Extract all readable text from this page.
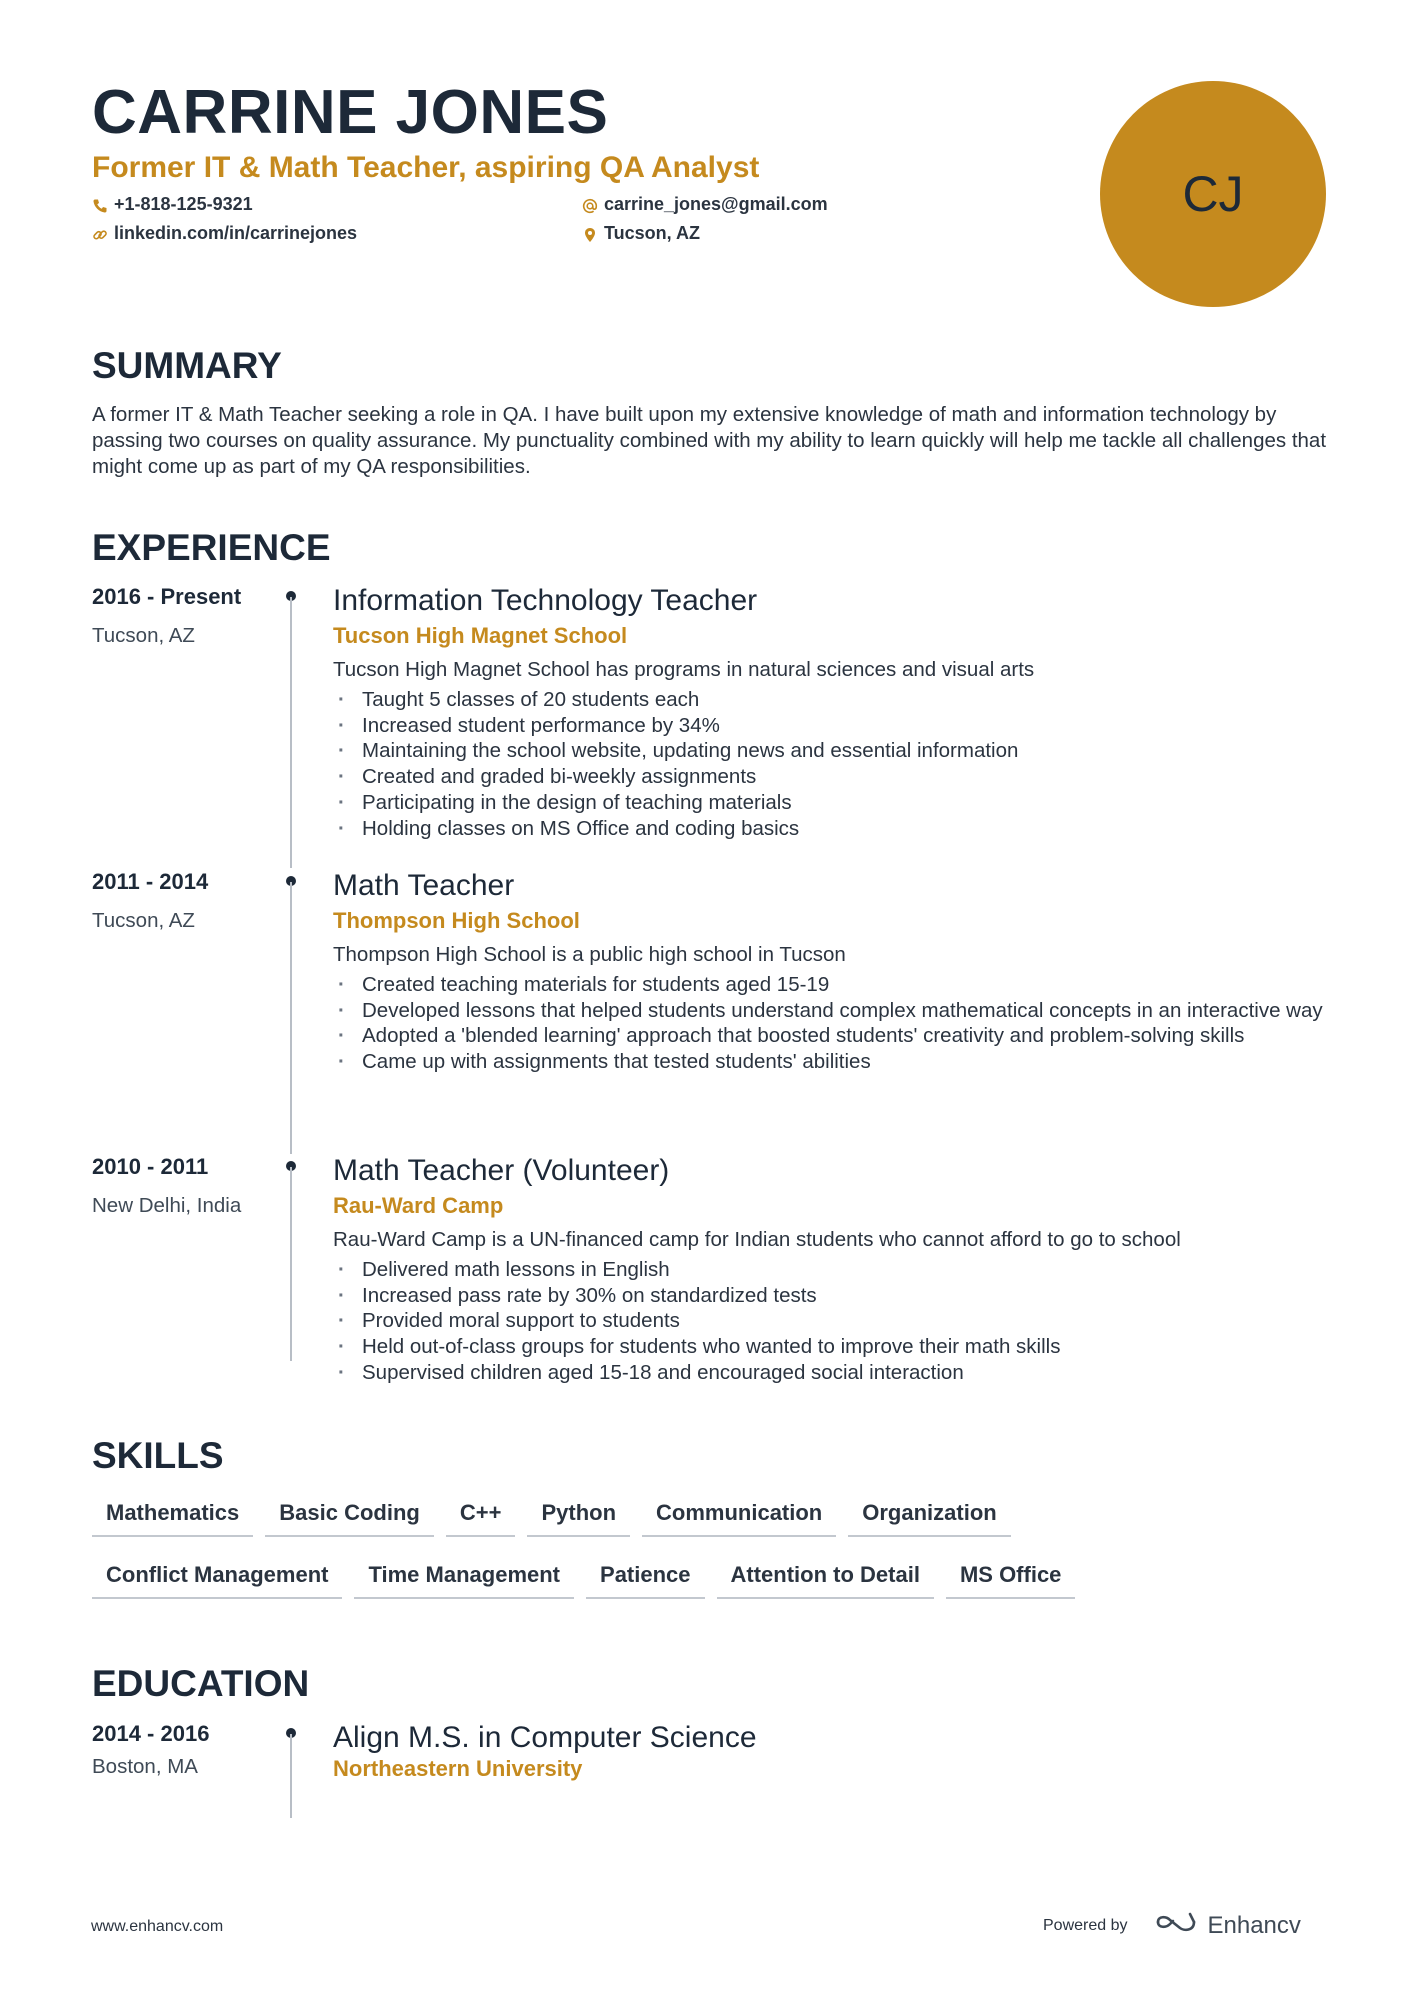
CARRINE JONES
Former IT & Math Teacher, aspiring QA Analyst
+1-818-125-9321	carrine_jones@gmail.com
linkedin.com/in/carrinejones	Tucson, AZ
CJ
SUMMARY
A former IT & Math Teacher seeking a role in QA. I have built upon my extensive knowledge of math and information technology by passing two courses on quality assurance. My punctuality combined with my ability to learn quickly will help me tackle all challenges that might come up as part of my QA responsibilities.
EXPERIENCE
2016 - Present
Tucson, AZ
Information Technology Teacher
Tucson High Magnet School
Tucson High Magnet School has programs in natural sciences and visual arts
· Taught 5 classes of 20 students each
· Increased student performance by 34%
· Maintaining the school website, updating news and essential information
· Created and graded bi-weekly assignments
· Participating in the design of teaching materials
· Holding classes on MS Office and coding basics
2011 - 2014
Tucson, AZ
Math Teacher
Thompson High School
Thompson High School is a public high school in Tucson
· Created teaching materials for students aged 15-19
· Developed lessons that helped students understand complex mathematical concepts in an interactive way
· Adopted a 'blended learning' approach that boosted students' creativity and problem-solving skills
· Came up with assignments that tested students' abilities
2010 - 2011
New Delhi, India
Math Teacher (Volunteer)
Rau-Ward Camp
Rau-Ward Camp is a UN-financed camp for Indian students who cannot afford to go to school
· Delivered math lessons in English
· Increased pass rate by 30% on standardized tests
· Provided moral support to students
· Held out-of-class groups for students who wanted to improve their math skills
· Supervised children aged 15-18 and encouraged social interaction
SKILLS
Mathematics	Basic Coding	C++	Python	Communication	Organization
Conflict Management	Time Management	Patience	Attention to Detail	MS Office
EDUCATION
2014 - 2016
Boston, MA
Align M.S. in Computer Science
Northeastern University
www.enhancv.com	Powered by	Enhancv
